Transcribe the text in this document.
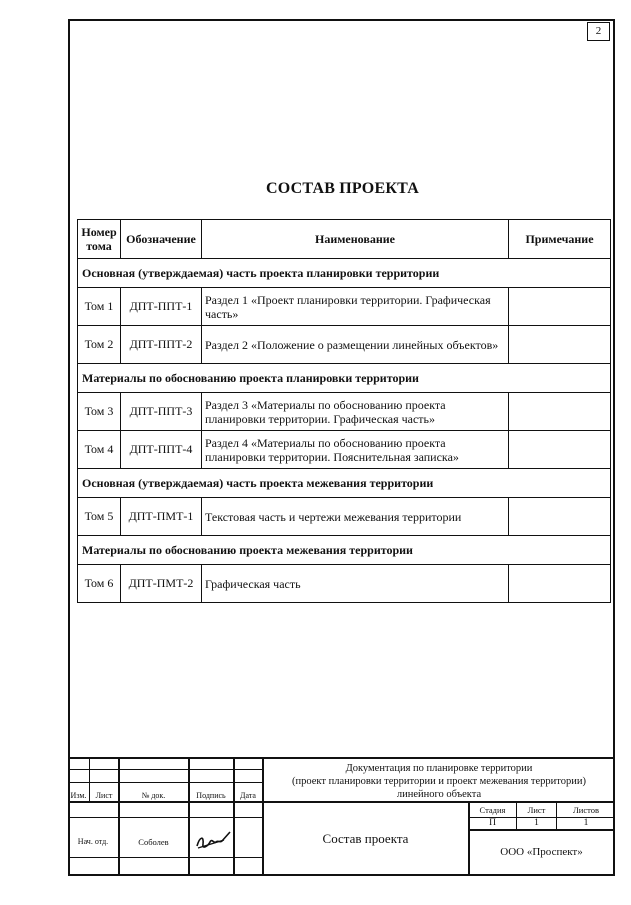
2
СОСТАВ ПРОЕКТА
Номер тома	Обозначение	Наименование	Примечание
Основная (утверждаемая) часть проекта планировки территории			
Том 1	ДПТ-ППТ-1	Раздел 1 «Проект планировки территории. Графическая часть»	
Том 2	ДПТ-ППТ-2	Раздел 2 «Положение о размещении линейных объектов»	
Материалы по обоснованию проекта планировки территории			
Том 3	ДПТ-ППТ-3	Раздел 3 «Материалы по обоснованию проекта планировки территории. Графическая часть»	
Том 4	ДПТ-ППТ-4	Раздел 4 «Материалы по обоснованию проекта планировки территории. Пояснительная записка»	
Основная (утверждаемая) часть проекта межевания территории			
Том 5	ДПТ-ПМТ-1	Текстовая часть и чертежи межевания территории	
Материалы по обоснованию проекта межевания территории			
Том 6	ДПТ-ПМТ-2	Графическая часть	
Изм.	Лист	№ док.	Подпись	Дата
Нач. отд.	Соболев
Документация по планировке территории
(проект планировки территории и проект межевания территории)
линейного объекта
Состав проекта
Стадия	Лист	Листов
П	1	1
ООО «Проспект»
